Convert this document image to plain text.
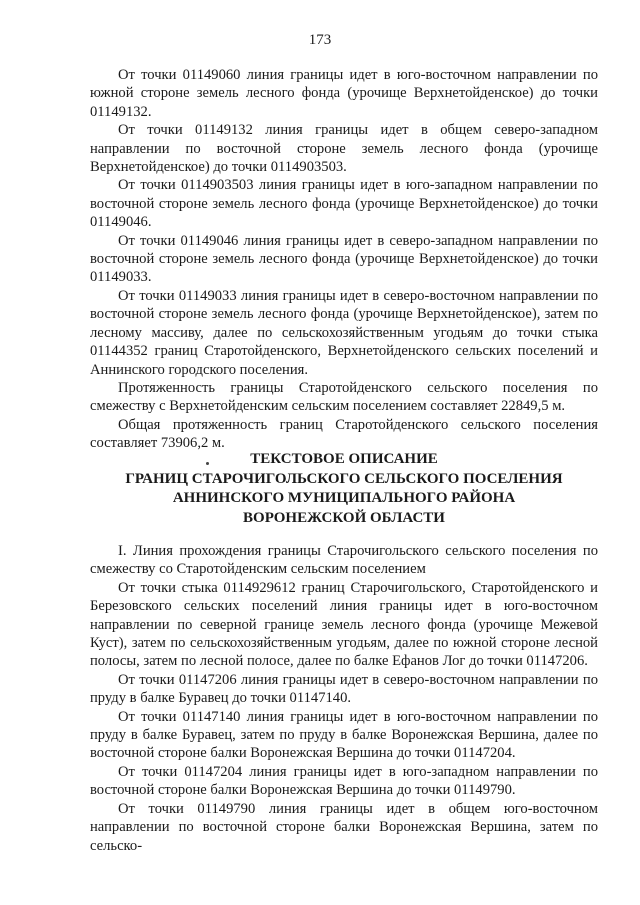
173

От точки 01149060 линия границы идет в юго-восточном направлении по южной стороне земель лесного фонда (урочище Верхнетойденское) до точки 01149132.

От точки 01149132 линия границы идет в общем северо-западном направлении по восточной стороне земель лесного фонда (урочище Верхнетойденское) до точки 0114903503.

От точки 0114903503 линия границы идет в юго-западном направлении по восточной стороне земель лесного фонда (урочище Верхнетойденское) до точки 01149046.

От точки 01149046 линия границы идет в северо-западном направлении по восточной стороне земель лесного фонда (урочище Верхнетойденское) до точки 01149033.

От точки 01149033 линия границы идет в северо-восточном направлении по восточной стороне земель лесного фонда (урочище Верхнетойденское), затем по лесному массиву, далее по сельскохозяйственным угодьям до точки стыка 01144352 границ Старотойденского, Верхнетойденского сельских поселений и Аннинского городского поселения.

Протяженность границы Старотойденского сельского поселения по смежеству с Верхнетойденским сельским поселением составляет 22849,5 м.

Общая протяженность границ Старотойденского сельского поселения составляет 73906,2 м.

ТЕКСТОВОЕ ОПИСАНИЕ
ГРАНИЦ СТАРОЧИГОЛЬСКОГО СЕЛЬСКОГО ПОСЕЛЕНИЯ
АННИНСКОГО МУНИЦИПАЛЬНОГО РАЙОНА
ВОРОНЕЖСКОЙ ОБЛАСТИ

I. Линия прохождения границы Старочигольского сельского поселения по смежеству со Старотойденским сельским поселением

От точки стыка 0114929612 границ Старочигольского, Старотойденского и Березовского сельских поселений линия границы идет в юго-восточном направлении по северной границе земель лесного фонда (урочище Межевой Куст), затем по сельскохозяйственным угодьям, далее по южной стороне лесной полосы, затем по лесной полосе, далее по балке Ефанов Лог до точки 01147206.

От точки 01147206 линия границы идет в северо-восточном направлении по пруду в балке Буравец до точки 01147140.

От точки 01147140 линия границы идет в юго-восточном направлении по пруду в балке Буравец, затем по пруду в балке Воронежская Вершина, далее по восточной стороне балки Воронежская Вершина до точки 01147204.

От точки 01147204 линия границы идет в юго-западном направлении по восточной стороне балки Воронежская Вершина до точки 01149790.

От точки 01149790 линия границы идет в общем юго-восточном направлении по восточной стороне балки Воронежская Вершина, затем по сельско-
